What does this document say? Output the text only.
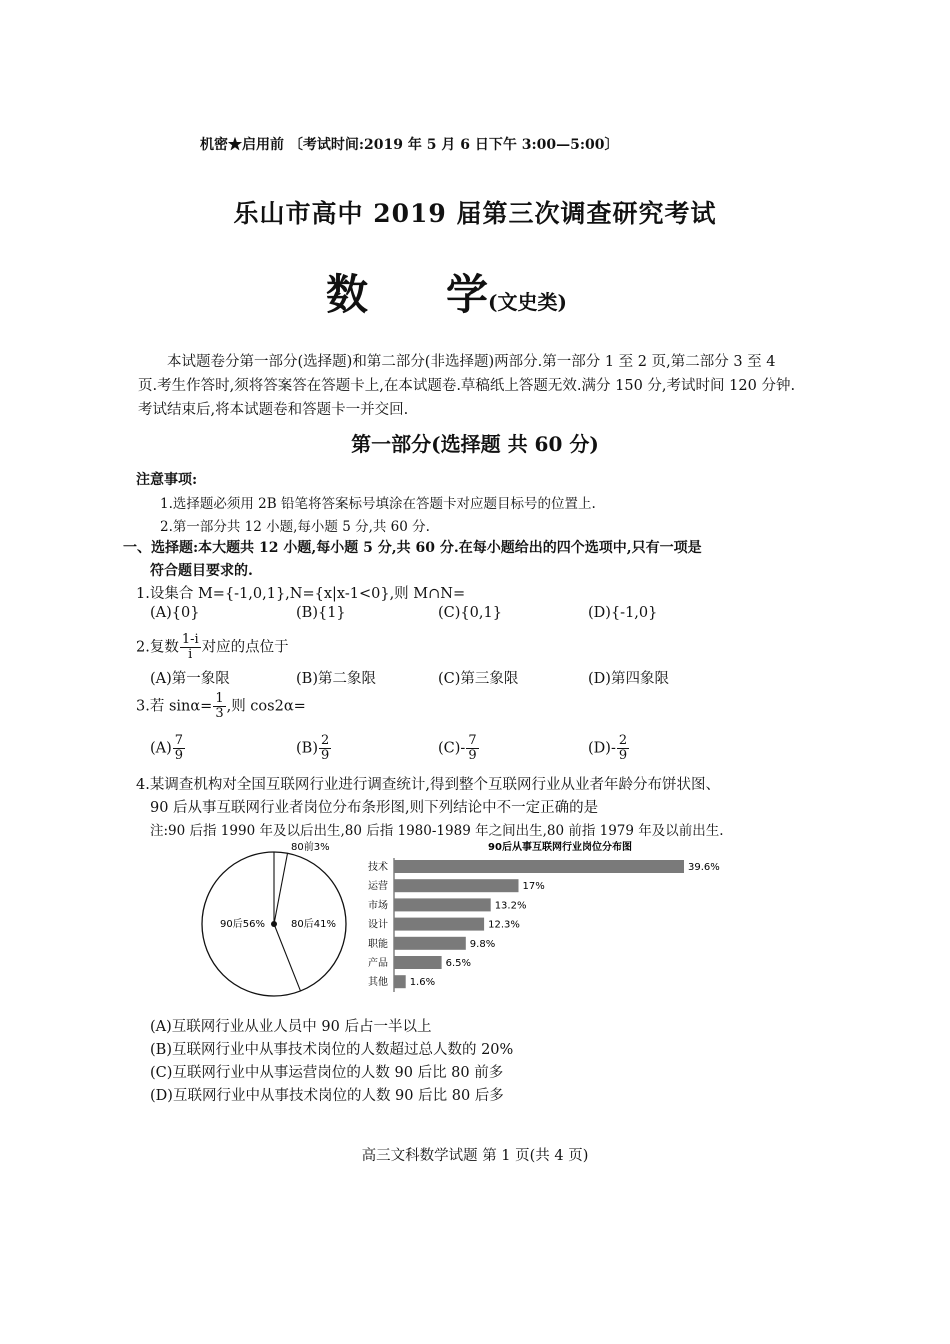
机密★启用前 〔考试时间:2019 年 5 月 6 日下午 3:00—5:00〕
乐山市高中 2019 届第三次调查研究考试
数 学(文史类)
本试题卷分第一部分(选择题)和第二部分(非选择题)两部分.第一部分 1 至 2 页,第二部分 3 至 4 页.考生作答时,须将答案答在答题卡上,在本试题卷.草稿纸上答题无效.满分 150 分,考试时间 120 分钟.考试结束后,将本试题卷和答题卡一并交回.
第一部分(选择题 共 60 分)
注意事项:
1.选择题必须用 2B 铅笔将答案标号填涂在答题卡对应题目标号的位置上.
2.第一部分共 12 小题,每小题 5 分,共 60 分.
一、选择题:本大题共 12 小题,每小题 5 分,共 60 分.在每小题给出的四个选项中,只有一项是
符合题目要求的.
1.设集合 M={-1,0,1},N={x|x-1<0},则 M∩N=
(A){0}	(B){1}	(C){0,1}	(D){-1,0}
2.复数 $\frac{1-i}{i}$ 对应的点位于
(A)第一象限	(B)第二象限	(C)第三象限	(D)第四象限
3.若 $\sin\alpha= \frac{1}{3}$ ,则 cos2α=
$(A) \frac{7}{9}$	$(B) \frac{2}{9}$	$(C)- \frac{7}{9}$	$(D)- \frac{2}{9}$
4.某调查机构对全国互联网行业进行调查统计,得到整个互联网行业从业者年龄分布饼状图、
90 后从事互联网行业者岗位分布条形图,则下列结论中不一定正确的是
注:90 后指 1990 年及以后出生,80 后指 1980-1989 年之间出生,80 前指 1979 年及以前出生.
90后56%	80后41%
80前3%	90后从事互联网行业岗位分布图
技术	39.6%
运营	17%
市场	13.2%
设计	12.3%
职能	9.8%
产品	6.5%
其他 1.6%
(A)互联网行业从业人员中 90 后占一半以上
(B)互联网行业中从事技术岗位的人数超过总人数的 20%
(C)互联网行业中从事运营岗位的人数 90 后比 80 前多
(D)互联网行业中从事技术岗位的人数 90 后比 80 后多
高三文科数学试题 第 1 页(共 4 页)
